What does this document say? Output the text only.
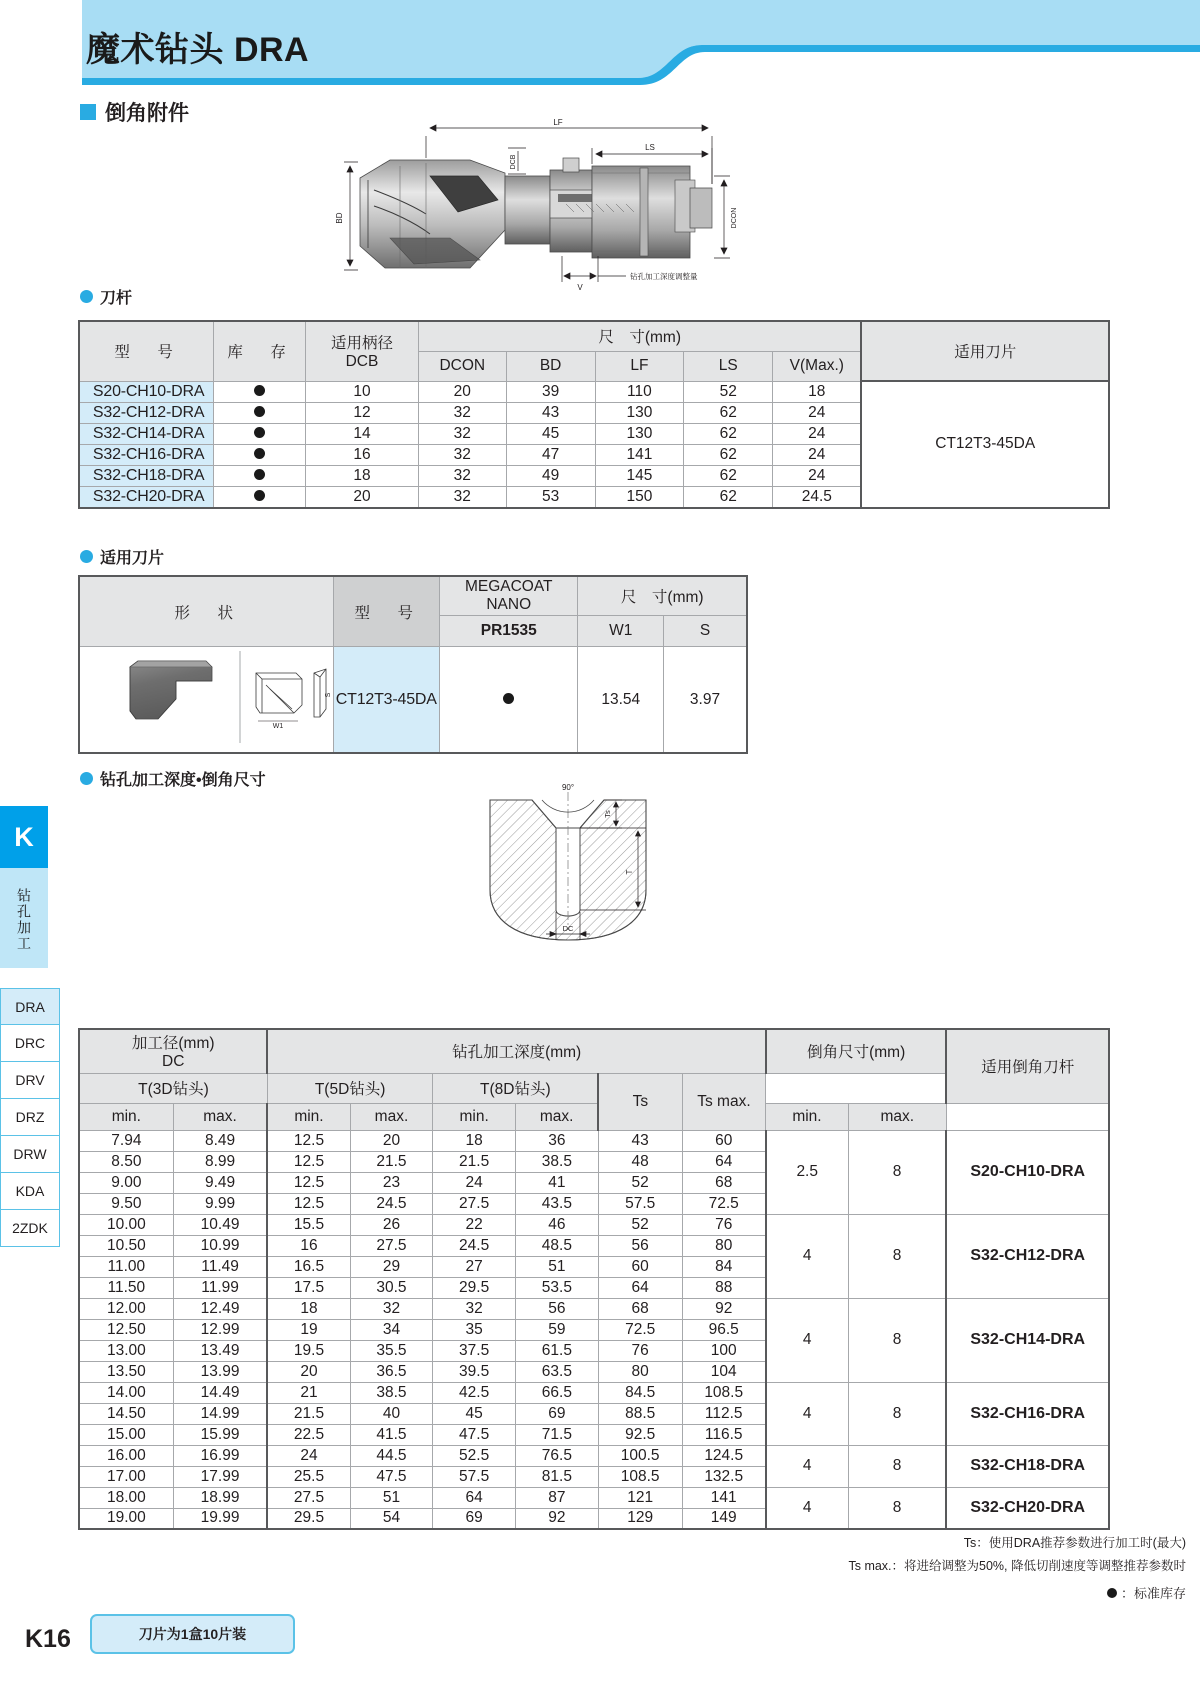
魔术钻头 DRA
倒角附件	LF
DCB
LS
BD	DCON
V
钻孔加工深度调整量
刀杆
型　号	库　存	适用柄径
DCB	尺　寸(mm)					适用刀片
			DCON	BD	LF	LS	V(Max.)	
S20-CH10-DRA		10	20	39	110	52	18	CT12T3-45DA
S32-CH12-DRA		12	32	43	130	62	24	
S32-CH14-DRA		14	32	45	130	62	24	
S32-CH16-DRA		16	32	47	141	62	24	
S32-CH18-DRA		18	32	49	145	62	24	
S32-CH20-DRA		20	32	53	150	62	24.5	
适用刀片
形　状	型　号	MEGACOAT NANO	尺　寸(mm)	
		PR1535	W1	S

W1
S	CT12T3-45DA		13.54	3.97
钻孔加工深度•倒角尺寸	90°
Ts
T
DC
加工径(mm)
DC		钻孔加工深度(mm)						倒角尺寸(mm)		适用倒角刀杆
T(3D钻头)		T(5D钻头)		T(8D钻头)		Ts	Ts max.			
min.	max.	min.	max.	min.	max.			min.	max.	
7.94	8.49	12.5	20	18	36	43	60	2.5	8	S20-CH10-DRA
8.50	8.99	12.5	21.5	21.5	38.5	48	64			
9.00	9.49	12.5	23	24	41	52	68			
9.50	9.99	12.5	24.5	27.5	43.5	57.5	72.5			
10.00	10.49	15.5	26	22	46	52	76	4	8	S32-CH12-DRA
10.50	10.99	16	27.5	24.5	48.5	56	80			
11.00	11.49	16.5	29	27	51	60	84			
11.50	11.99	17.5	30.5	29.5	53.5	64	88			
12.00	12.49	18	32	32	56	68	92	4	8	S32-CH14-DRA
12.50	12.99	19	34	35	59	72.5	96.5			
13.00	13.49	19.5	35.5	37.5	61.5	76	100			
13.50	13.99	20	36.5	39.5	63.5	80	104			
14.00	14.49	21	38.5	42.5	66.5	84.5	108.5	4	8	S32-CH16-DRA
14.50	14.99	21.5	40	45	69	88.5	112.5			
15.00	15.99	22.5	41.5	47.5	71.5	92.5	116.5			
16.00	16.99	24	44.5	52.5	76.5	100.5	124.5	4	8	S32-CH18-DRA
17.00	17.99	25.5	47.5	57.5	81.5	108.5	132.5			
18.00	18.99	27.5	51	64	87	121	141	4	8	S32-CH20-DRA
19.00	19.99	29.5	54	69	92	129	149			
Ts：使用DRA推荐参数进行加工时(最大)
Ts max.：将进给调整为50%, 降低切削速度等调整推荐参数时
：标准库存
K
钻孔加工
DRA
DRC
DRV
DRZ
DRW
KDA
2ZDK
K16	刀片为1盒10片装
